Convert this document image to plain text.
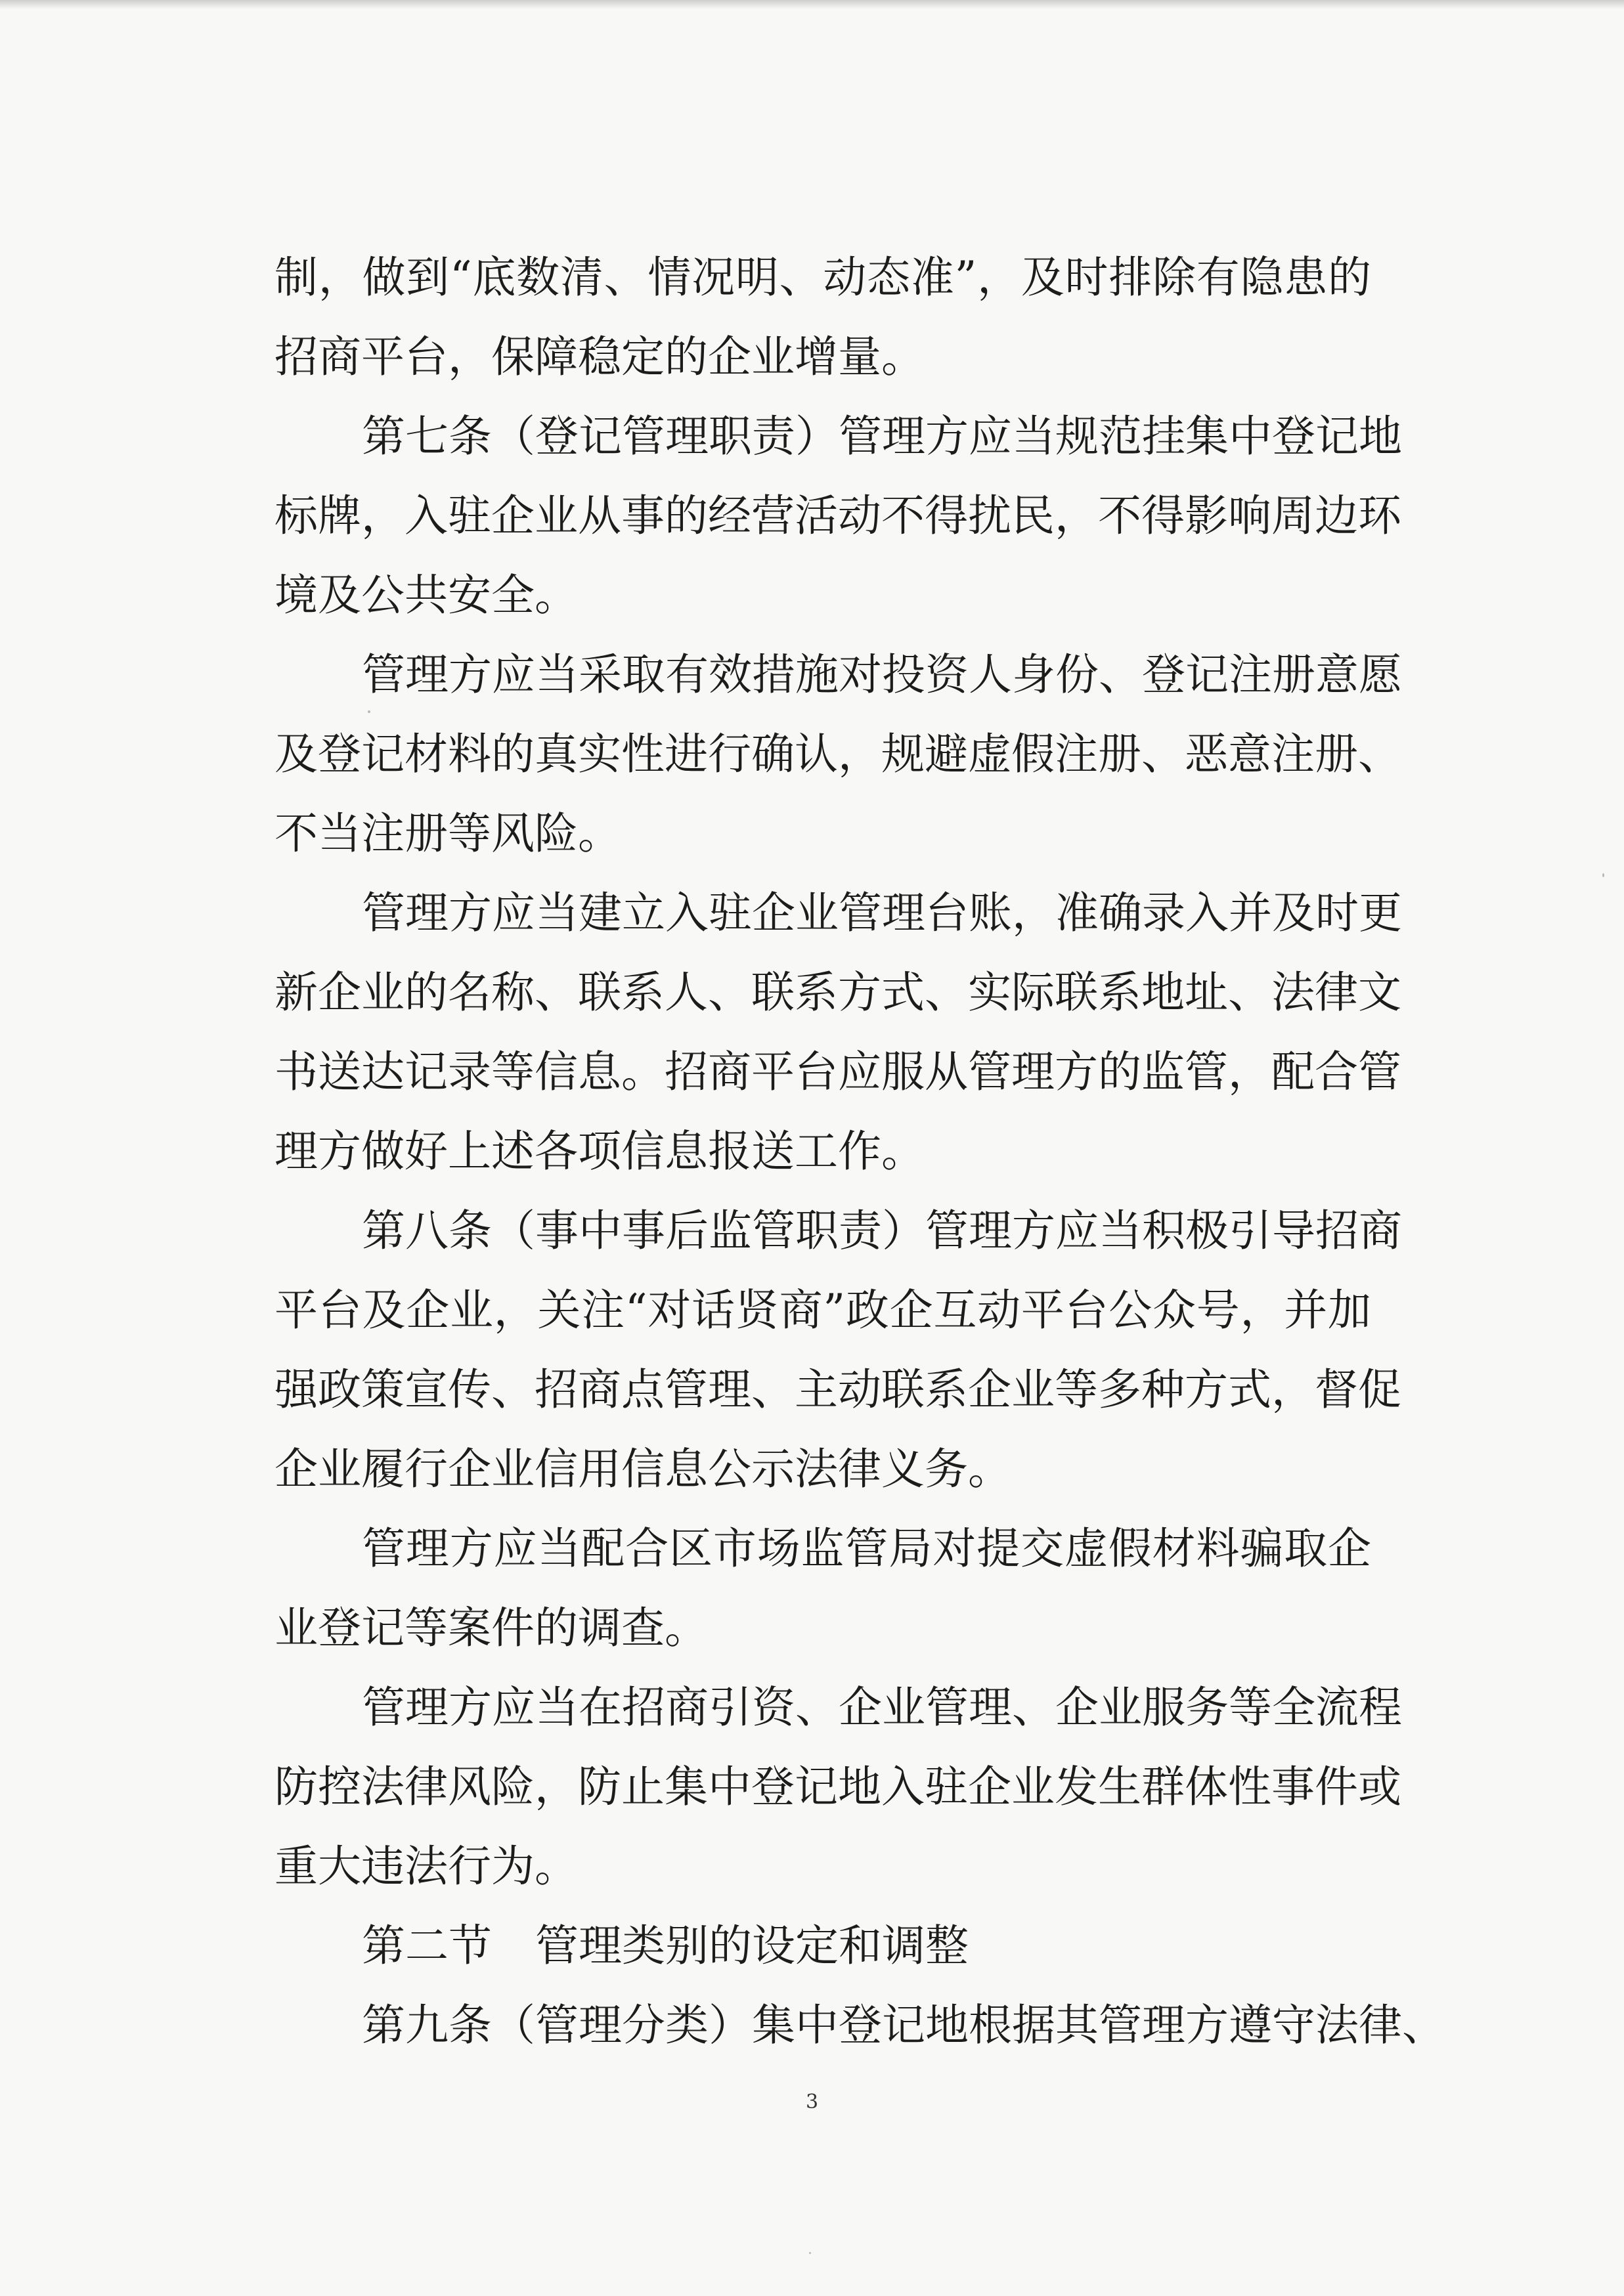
制，做到“底数清、情况明、动态准”，及时排除有隐患的
招商平台，保障稳定的企业增量。
第七条（登记管理职责）管理方应当规范挂集中登记地
标牌，入驻企业从事的经营活动不得扰民，不得影响周边环
境及公共安全。
管理方应当采取有效措施对投资人身份、登记注册意愿
及登记材料的真实性进行确认，规避虚假注册、恶意注册、
不当注册等风险。
管理方应当建立入驻企业管理台账，准确录入并及时更
新企业的名称、联系人、联系方式、实际联系地址、法律文
书送达记录等信息。招商平台应服从管理方的监管，配合管
理方做好上述各项信息报送工作。
第八条（事中事后监管职责）管理方应当积极引导招商
平台及企业，关注“对话贤商”政企互动平台公众号，并加
强政策宣传、招商点管理、主动联系企业等多种方式，督促
企业履行企业信用信息公示法律义务。
管理方应当配合区市场监管局对提交虚假材料骗取企
业登记等案件的调查。
管理方应当在招商引资、企业管理、企业服务等全流程
防控法律风险，防止集中登记地入驻企业发生群体性事件或
重大违法行为。
第二节　管理类别的设定和调整
第九条（管理分类）集中登记地根据其管理方遵守法律、
3
